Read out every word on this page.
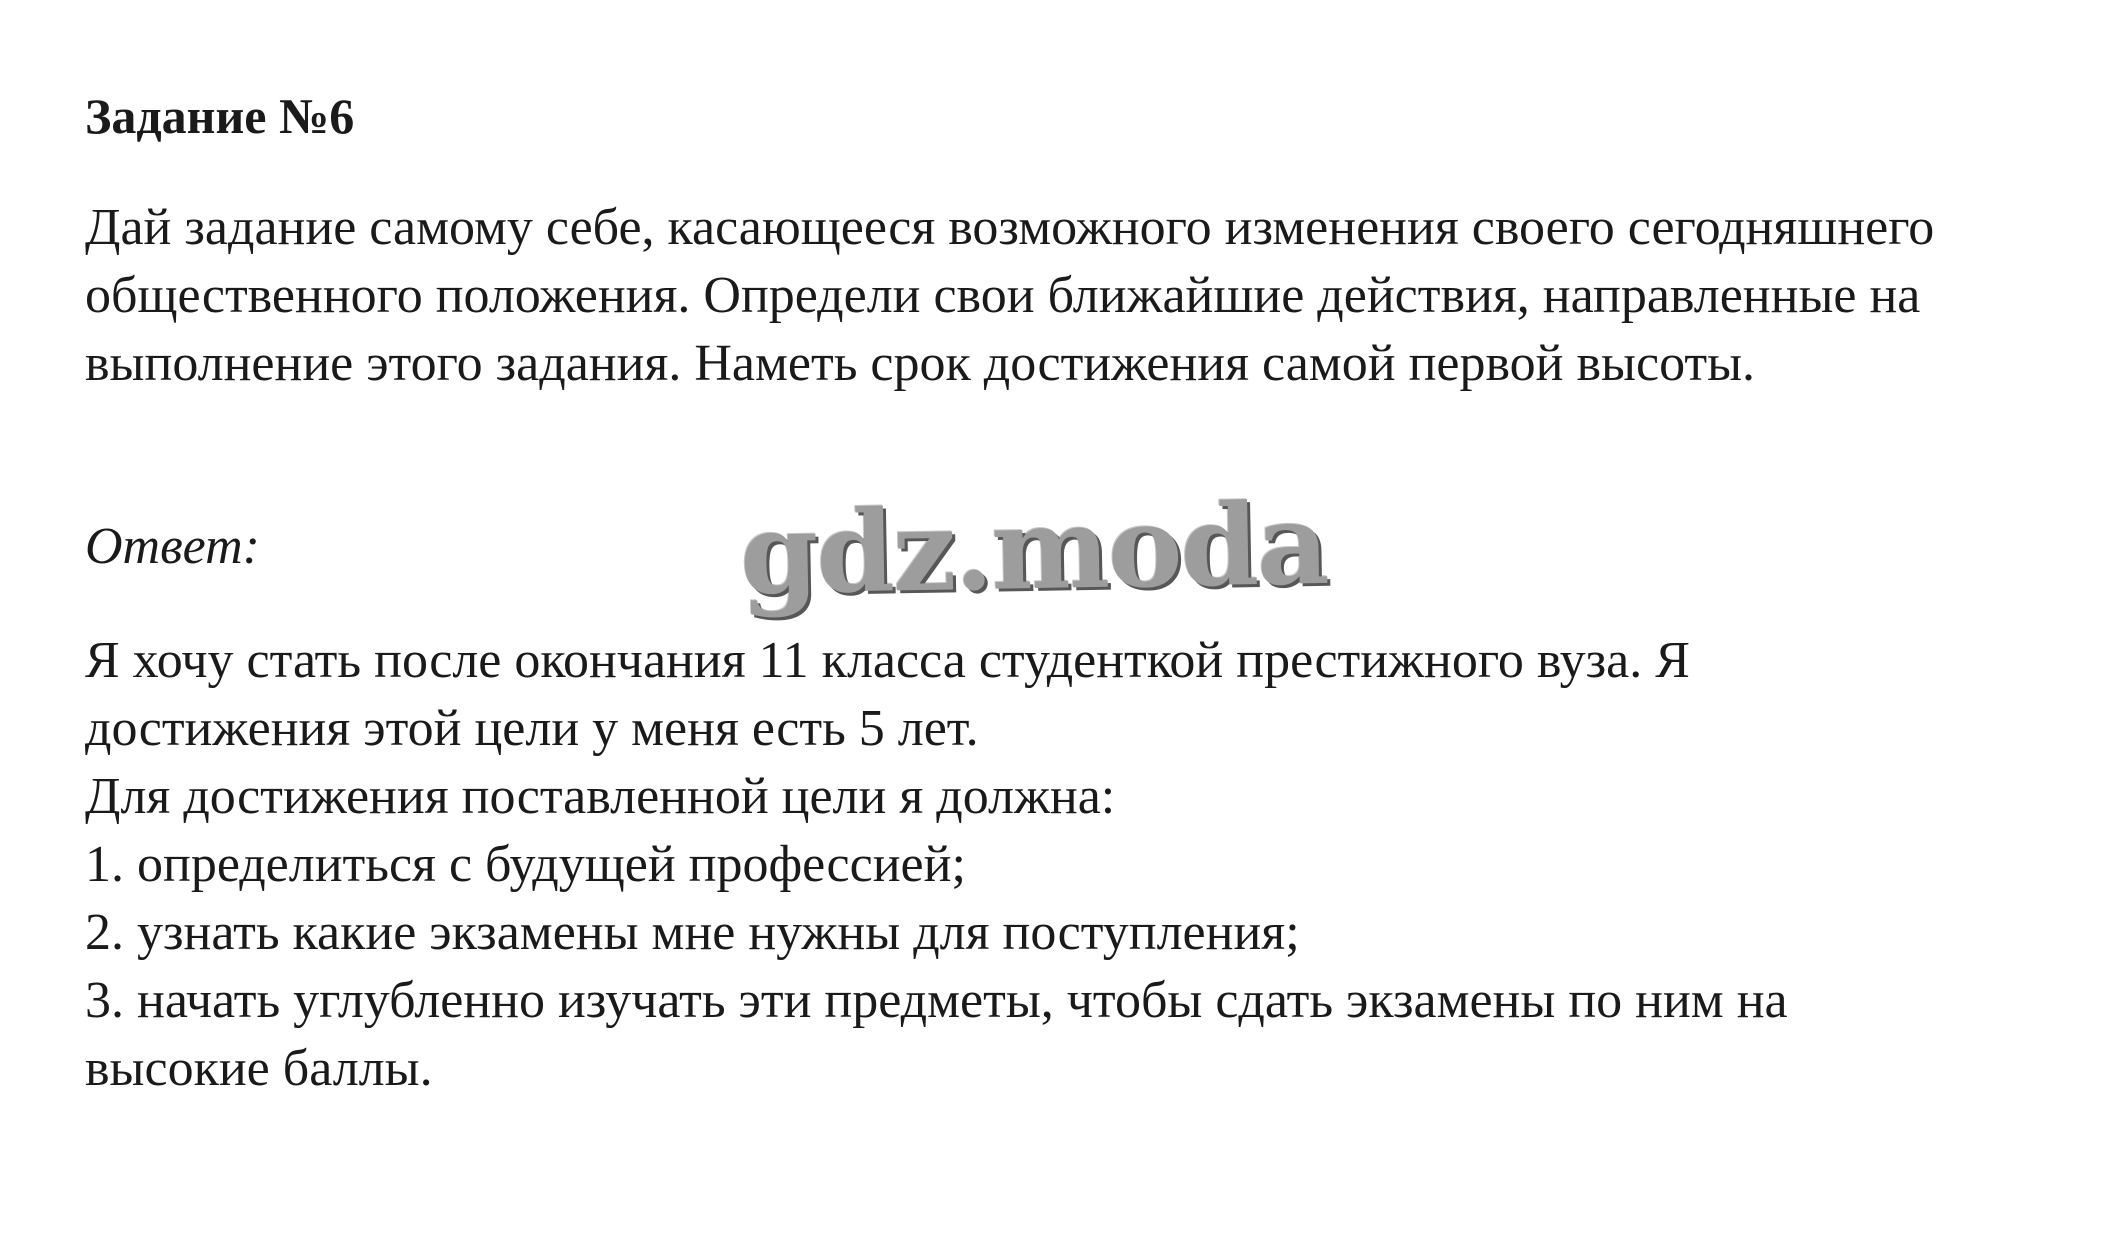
Задание №6

Дай задание самому себе, касающееся возможного изменения своего сегодняшнего общественного положения. Определи свои ближайшие действия, направленные на выполнение этого задания. Наметь срок достижения самой первой высоты.

Ответ:	gdz.moda
Я хочу стать после окончания 11 класса студенткой престижного вуза. Я
достижения этой цели у меня есть 5 лет.
Для достижения поставленной цели я должна:
1. определиться с будущей профессией;
2. узнать какие экзамены мне нужны для поступления;
3. начать углубленно изучать эти предметы, чтобы сдать экзамены по ним на
высокие баллы.
